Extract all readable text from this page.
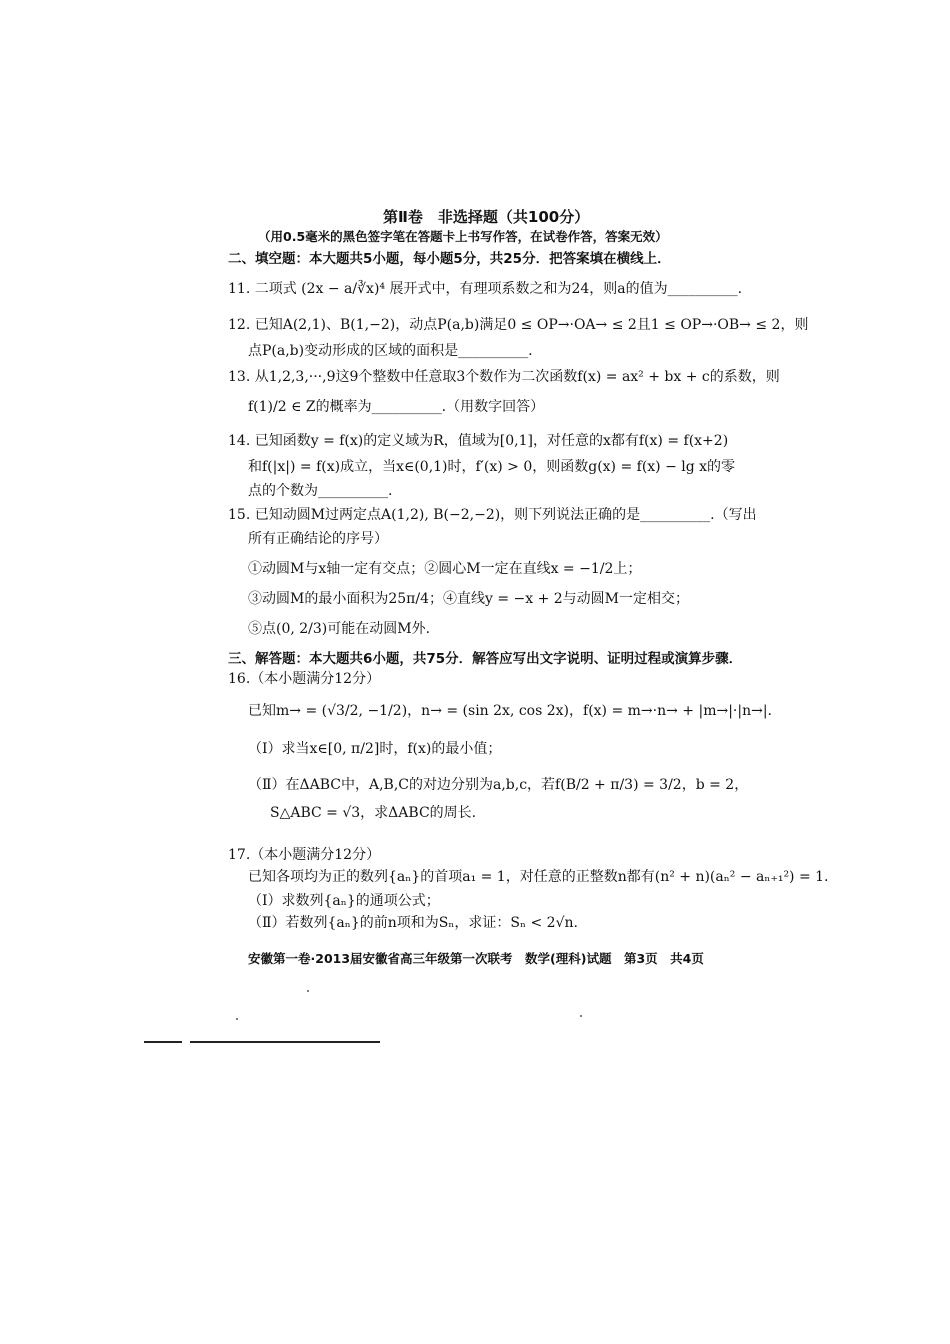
第Ⅱ卷　非选择题（共100分）
（用0.5毫米的黑色签字笔在答题卡上书写作答，在试卷作答，答案无效）
二、填空题：本大题共5小题，每小题5分，共25分．把答案填在横线上．
11. 二项式 (2x − a/∛x)⁴ 展开式中，有理项系数之和为24，则a的值为__________.
12. 已知A(2,1)、B(1,−2)，动点P(a,b)满足0 ≤ OP→·OA→ ≤ 2且1 ≤ OP→·OB→ ≤ 2，则
点P(a,b)变动形成的区域的面积是__________.
13. 从1,2,3,···,9这9个整数中任意取3个数作为二次函数f(x) = ax² + bx + c的系数，则
f(1)/2 ∈ Z的概率为__________.（用数字回答）
14. 已知函数y = f(x)的定义域为R，值域为[0,1]，对任意的x都有f(x) = f(x+2)
和f(|x|) = f(x)成立，当x∈(0,1)时，f′(x) > 0，则函数g(x) = f(x) − lg x的零
点的个数为__________.
15. 已知动圆M过两定点A(1,2), B(−2,−2)，则下列说法正确的是__________.（写出
所有正确结论的序号）
①动圆M与x轴一定有交点；②圆心M一定在直线x = −1/2上；
③动圆M的最小面积为25π/4；④直线y = −x + 2与动圆M一定相交；
⑤点(0, 2/3)可能在动圆M外.
三、解答题：本大题共6小题，共75分．解答应写出文字说明、证明过程或演算步骤．
16.（本小题满分12分）
已知m→ = (√3/2, −1/2)，n→ = (sin 2x, cos 2x)，f(x) = m→·n→ + |m→|·|n→|.
（Ⅰ）求当x∈[0, π/2]时，f(x)的最小值；
（Ⅱ）在ΔABC中，A,B,C的对边分别为a,b,c，若f(B/2 + π/3) = 3/2，b = 2，
S△ABC = √3，求ΔABC的周长.
17.（本小题满分12分）
已知各项均为正的数列{aₙ}的首项a₁ = 1，对任意的正整数n都有(n² + n)(aₙ² − aₙ₊₁²) = 1.
（Ⅰ）求数列{aₙ}的通项公式；
（Ⅱ）若数列{aₙ}的前n项和为Sₙ，求证：Sₙ < 2√n.
安徽第一卷·2013届安徽省高三年级第一次联考　数学(理科)试题　第3页　共4页
